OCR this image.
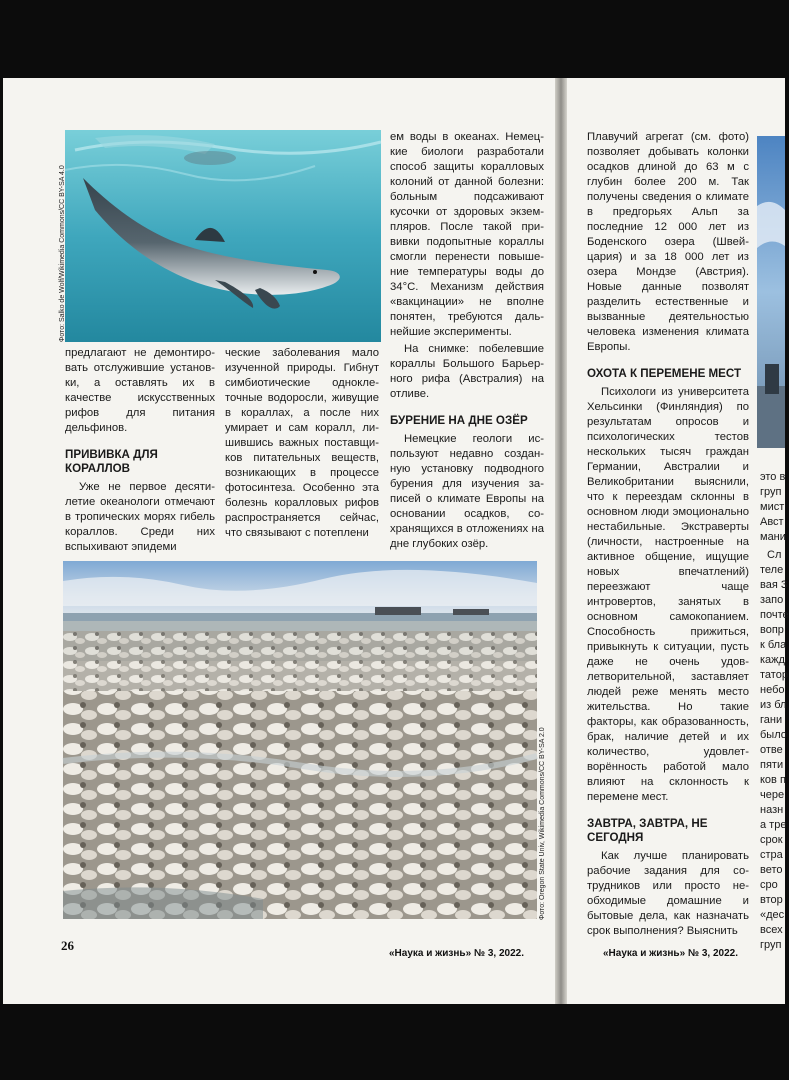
Фото: Salko de Wolf/Wikimedia Commons/CC BY-SA 4.0

предлагают не демонтировать отслужившие установки, а оставлять их в качестве искусственных рифов для питания дельфинов.

ПРИВИВКА ДЛЯ КОРАЛЛОВ

Уже не первое десятилетие океанологи отмечают в тропических морях гибель кораллов. Среди них вспыхивают эпидеми

ческие заболевания мало изученной природы. Гибнут симбиотические одноклеточные водоросли, живущие в кораллах, а после них умирает и сам коралл, лишившись важных поставщиков питательных веществ, возникающих в процессе фотосинтеза. Особенно эта болезнь коралловых рифов распространяется сейчас, что связывают с потеплени

ем воды в океанах. Немецкие биологи разработали способ защиты коралловых колоний от данной болезни: больным подсаживают кусочки от здоровых экземпляров. После такой прививки подопытные кораллы смогли перенести повышение температуры воды до 34°С. Механизм действия «вакцинации» не вполне понятен, требуются дальнейшие эксперименты.

На снимке: побелевшие кораллы Большого Барьерного рифа (Австралия) на отливе.

БУРЕНИЕ НА ДНЕ ОЗЁР

Немецкие геологи используют недавно созданную установку подводного бурения для изучения записей о климате Европы на основании осадков, сохранящихся в отложениях на дне глубоких озёр.

Фото: Oregon State Univ, Wikimedia Commons/CC BY-SA 2.0
26
«Наука и жизнь» № 3, 2022.

Плавучий агрегат (см. фото) позволяет добывать колонки осадков длиной до 63 м с глубин более 200 м. Так получены сведения о климате в предгорьях Альп за последние 12 000 лет из Боденского озера (Швейцария) и за 18 000 лет из озера Мондзе (Австрия). Новые данные позволят разделить естественные и вызванные деятельностью человека изменения климата Европы.

ОХОТА К ПЕРЕМЕНЕ МЕСТ

Психологи из университета Хельсинки (Финляндия) по результатам опросов и психологических тестов нескольких тысяч граждан Германии, Австралии и Великобритании выяснили, что к переездам склонны в основном люди эмоционально нестабильные. Экстраверты (личности, настроенные на активное общение, ищущие новых впечатлений) переезжают чаще интровертов, занятых в основном самокопанием. Способность прижиться, привыкнуть к ситуации, пусть даже не очень удовлетворительной, заставляет людей реже менять место жительства. Но такие факторы, как образованность, брак, наличие детей и их количество, удовлетворённость работой мало влияют на склонность к перемене мест.

ЗАВТРА, ЗАВТРА, НЕ СЕГОДНЯ

Как лучше планировать рабочие задания для сотрудников или просто необходимые домашние и бытовые дела, как назначать срок выполнения? Выяснить

это в
груп
мист
Авст
мани
Сл
теле
вая З
запо
почте
вопр
к бла
кажд
татор
небо
из бл
гани
было
отве
пяти
ков п
чере
назн
а тре
срок
стра
вето
сро
втор
«дес
всех
груп
«Наука и жизнь» № 3, 2022.
